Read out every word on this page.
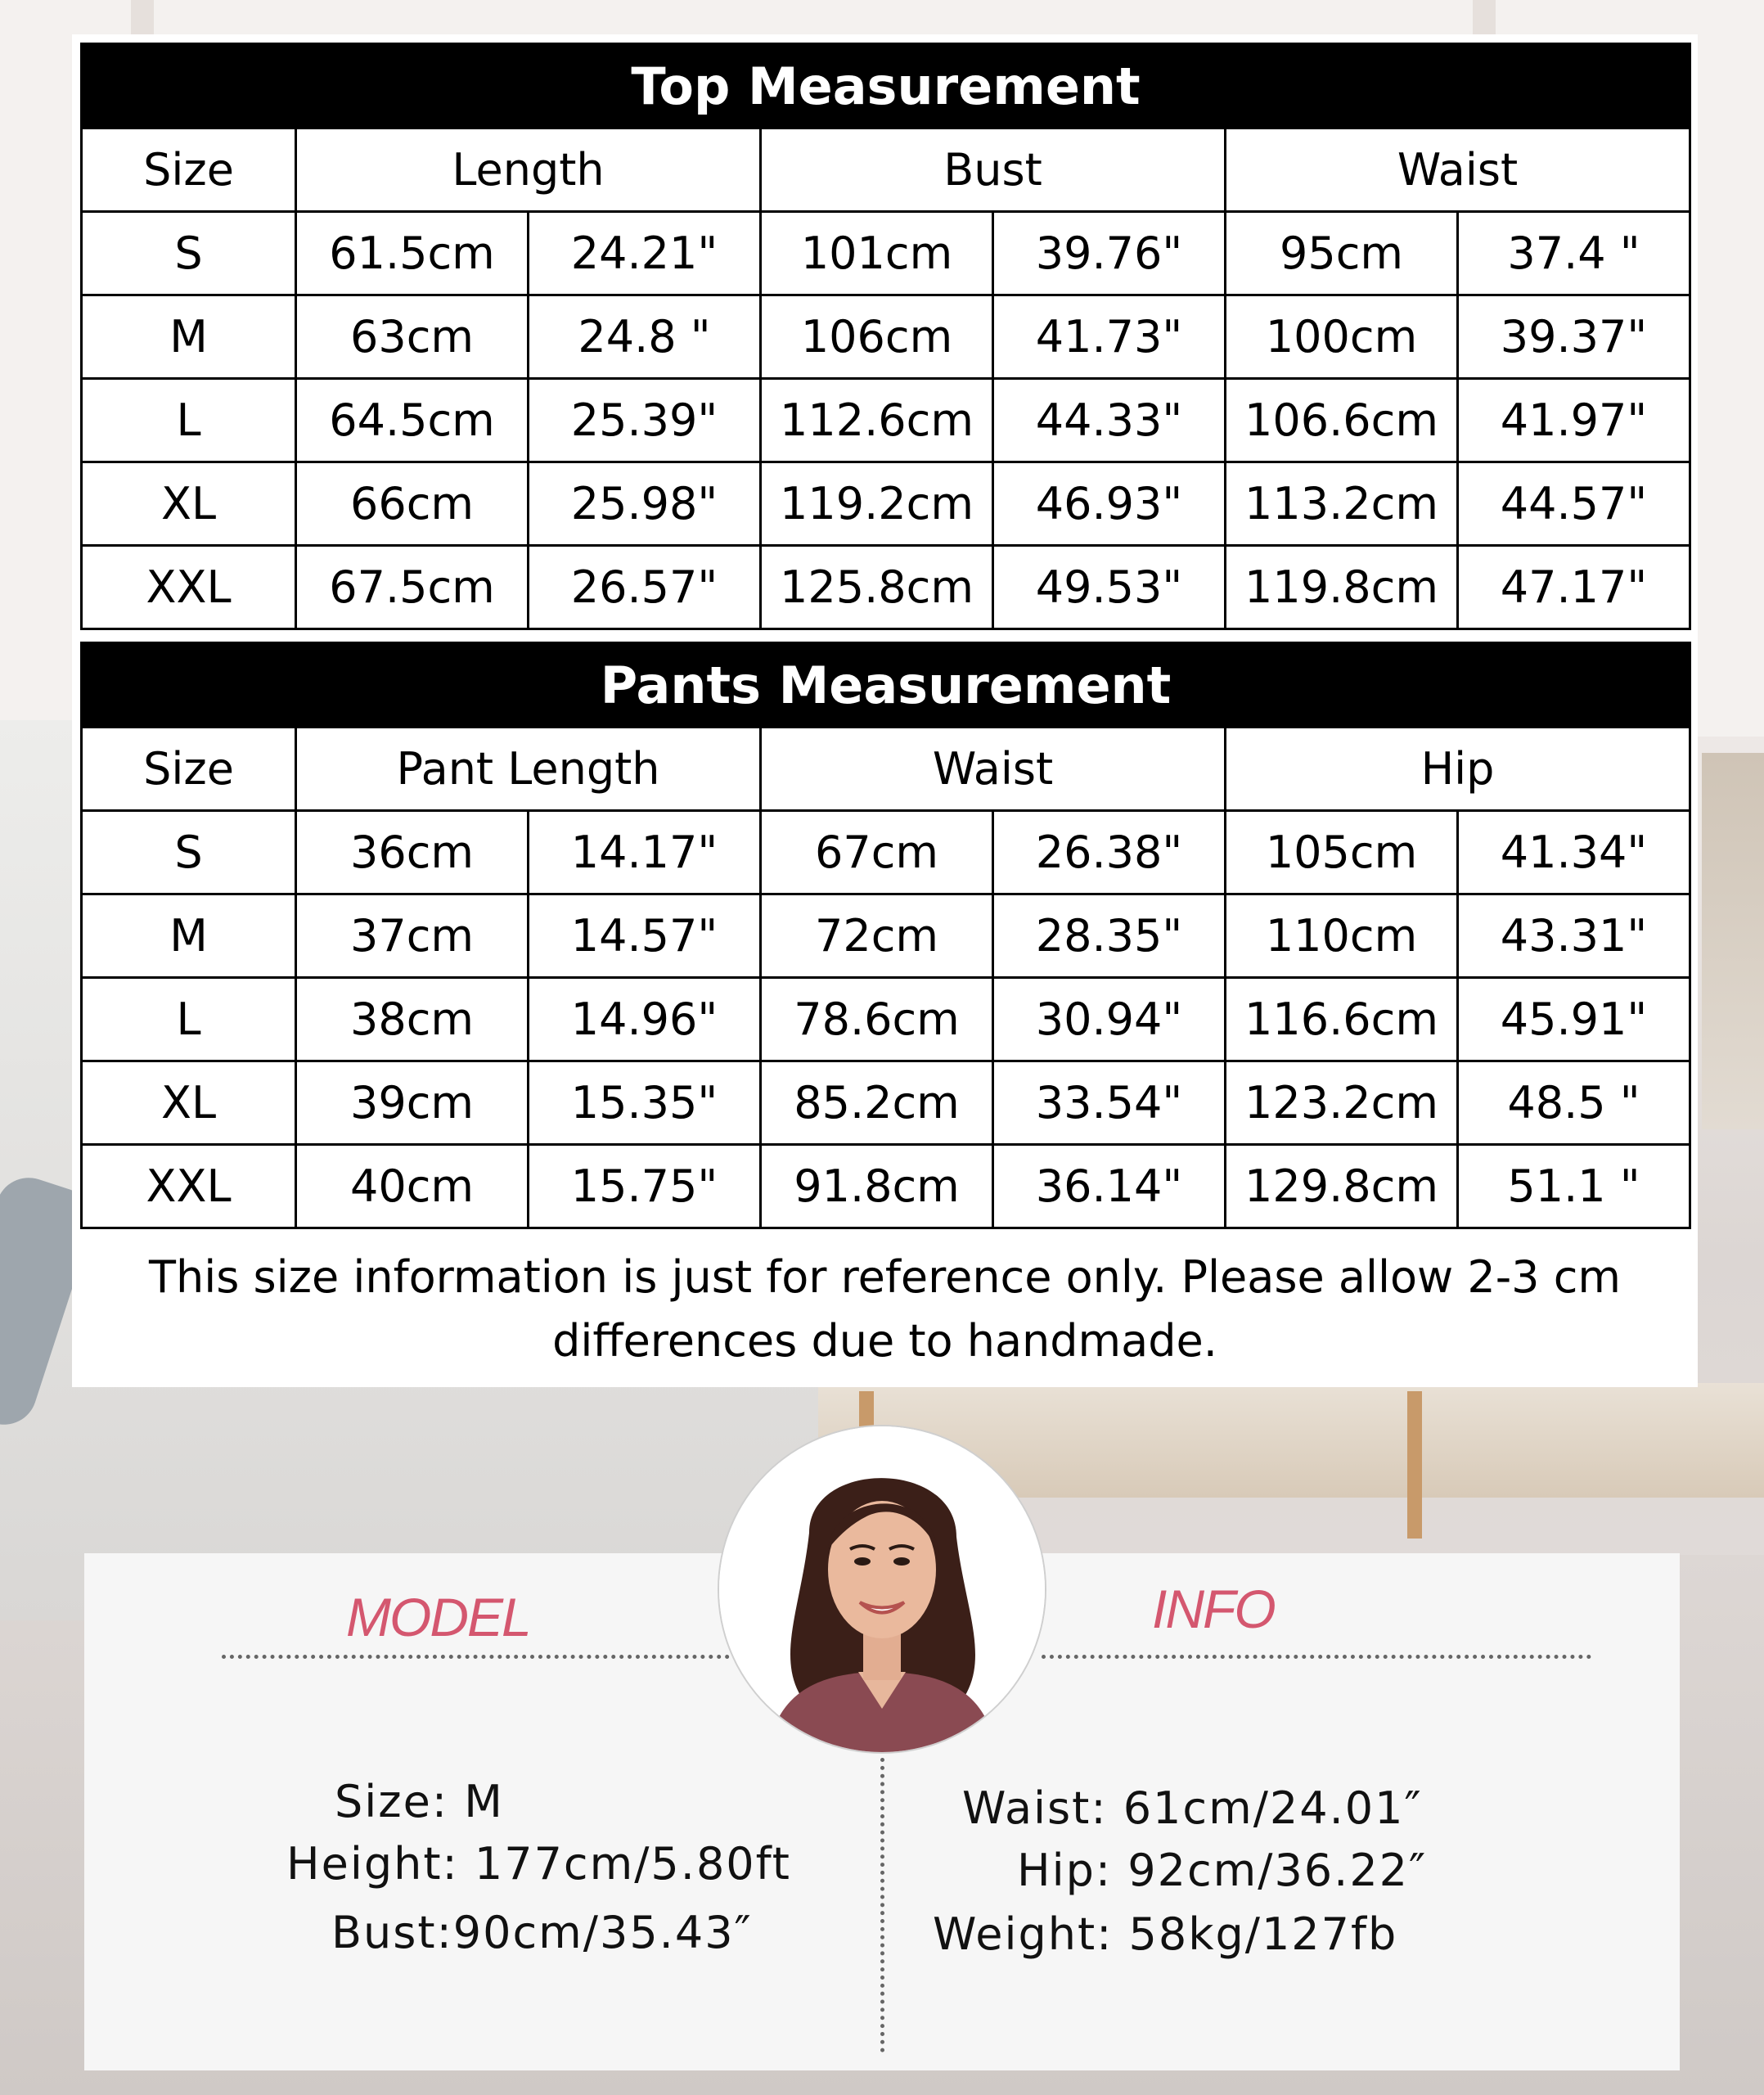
Top Measurement						
Size	Length		Bust		Waist	
S	61.5cm	24.21"	101cm	39.76"	95cm	37.4 "
M	63cm	24.8 "	106cm	41.73"	100cm	39.37"
L	64.5cm	25.39"	112.6cm	44.33"	106.6cm	41.97"
XL	66cm	25.98"	119.2cm	46.93"	113.2cm	44.57"
XXL	67.5cm	26.57"	125.8cm	49.53"	119.8cm	47.17"
Pants Measurement						
Size	Pant Length		Waist		Hip	
S	36cm	14.17"	67cm	26.38"	105cm	41.34"
M	37cm	14.57"	72cm	28.35"	110cm	43.31"
L	38cm	14.96"	78.6cm	30.94"	116.6cm	45.91"
XL	39cm	15.35"	85.2cm	33.54"	123.2cm	48.5 "
XXL	40cm	15.75"	91.8cm	36.14"	129.8cm	51.1 "
This size information is just for reference only. Please allow 2-3 cm
differences due to handmade.
MODEL	INFO
Size: M
Height: 177cm/5.80ft
Bust:90cm/35.43″
Waist: 61cm/24.01″
Hip: 92cm/36.22″
Weight: 58kg/127fb
